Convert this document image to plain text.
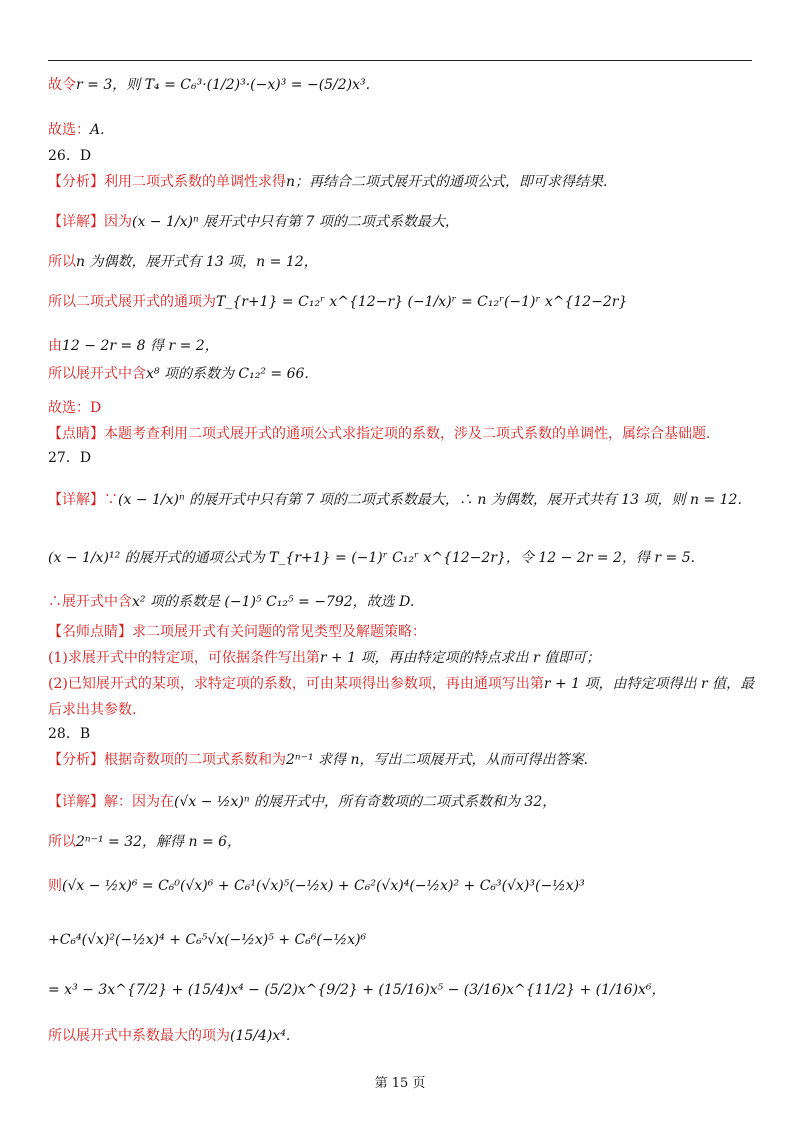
故令r = 3，则 T₄ = C₆³·(1/2)³·(−x)³ = −(5/2)x³.
故选：A.
26．D
【分析】利用二项式系数的单调性求得n；再结合二项式展开式的通项公式，即可求得结果.
【详解】因为(x − 1/x)ⁿ 展开式中只有第 7 项的二项式系数最大，
所以n 为偶数，展开式有 13 项，n = 12，
所以二项式展开式的通项为T_{r+1} = C₁₂ʳ x^{12−r} (−1/x)ʳ = C₁₂ʳ(−1)ʳ x^{12−2r}
由12 − 2r = 8 得 r = 2，
所以展开式中含x⁸ 项的系数为 C₁₂² = 66.
故选：D
【点睛】本题考查利用二项式展开式的通项公式求指定项的系数，涉及二项式系数的单调性，属综合基础题.
27．D
【详解】∵(x − 1/x)ⁿ 的展开式中只有第 7 项的二项式系数最大，∴ n 为偶数，展开式共有 13 项，则 n = 12.
(x − 1/x)¹² 的展开式的通项公式为 T_{r+1} = (−1)ʳ C₁₂ʳ x^{12−2r}，令 12 − 2r = 2，得 r = 5.
∴展开式中含x² 项的系数是 (−1)⁵ C₁₂⁵ = −792，故选 D.
【名师点睛】求二项展开式有关问题的常见类型及解题策略：
(1)求展开式中的特定项，可依据条件写出第r + 1 项，再由特定项的特点求出 r 值即可；
(2)已知展开式的某项，求特定项的系数，可由某项得出参数项，再由通项写出第r + 1 项，由特定项得出 r 值，最
后求出其参数.
28．B
【分析】根据奇数项的二项式系数和为2ⁿ⁻¹ 求得 n，写出二项展开式，从而可得出答案.
【详解】解：因为在(√x − ½x)ⁿ 的展开式中，所有奇数项的二项式系数和为 32，
所以2ⁿ⁻¹ = 32，解得 n = 6，
则(√x − ½x)⁶ = C₆⁰(√x)⁶ + C₆¹(√x)⁵(−½x) + C₆²(√x)⁴(−½x)² + C₆³(√x)³(−½x)³
+C₆⁴(√x)²(−½x)⁴ + C₆⁵√x(−½x)⁵ + C₆⁶(−½x)⁶
= x³ − 3x^{7/2} + (15/4)x⁴ − (5/2)x^{9/2} + (15/16)x⁵ − (3/16)x^{11/2} + (1/16)x⁶，
所以展开式中系数最大的项为(15/4)x⁴.
第 15 页
